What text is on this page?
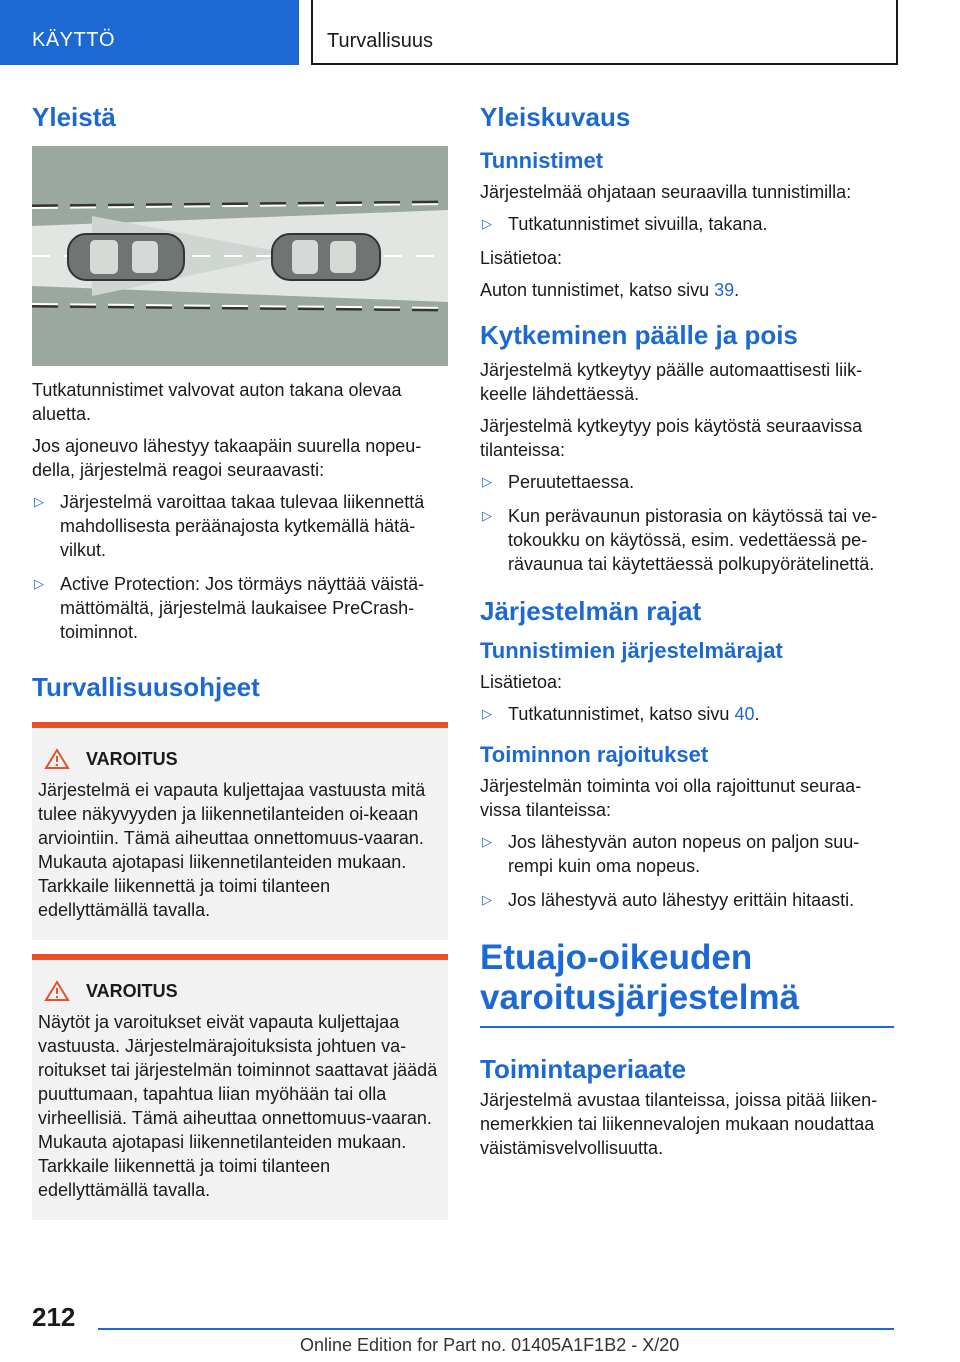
KÄYTTÖ	Turvallisuus
Yleistä

Tutkatunnistimet valvovat auton takana olevaa aluetta.

Jos ajoneuvo lähestyy takaapäin suurella nopeu‐della, järjestelmä reagoi seuraavasti:

▷ Järjestelmä varoittaa takaa tulevaa liikennettä mahdollisesta peräänajosta kytkemällä hätä‐vilkut.
▷ Active Protection: Jos törmäys näyttää väistä‐mättömältä, järjestelmä laukaisee PreCrash-toiminnot.
Turvallisuusohjeet
VAROITUS

Järjestelmä ei vapauta kuljettajaa vastuusta mitä tulee näkyvyyden ja liikennetilanteiden oi‐keaan arviointiin. Tämä aiheuttaa onnettomuus‐vaaran. Mukauta ajotapasi liikennetilanteiden mukaan. Tarkkaile liikennettä ja toimi tilanteen edellyttämällä tavalla.

VAROITUS

Näytöt ja varoitukset eivät vapauta kuljettajaa vastuusta. Järjestelmärajoituksista johtuen va‐roitukset tai järjestelmän toiminnot saattavat jäädä puuttumaan, tapahtua liian myöhään tai olla virheellisiä. Tämä aiheuttaa onnettomuus‐vaaran. Mukauta ajotapasi liikennetilanteiden mukaan. Tarkkaile liikennettä ja toimi tilanteen edellyttämällä tavalla.

Yleiskuvaus
Tunnistimet

Järjestelmää ohjataan seuraavilla tunnistimilla:

▷ Tutkatunnistimet sivuilla, takana.

Lisätietoa:

Auton tunnistimet, katso sivu 39.

Kytkeminen päälle ja pois

Järjestelmä kytkeytyy päälle automaattisesti liik‐keelle lähdettäessä.

Järjestelmä kytkeytyy pois käytöstä seuraavissa tilanteissa:

▷ Peruutettaessa.
▷ Kun perävaunun pistorasia on käytössä tai ve‐tokoukku on käytössä, esim. vedettäessä pe‐rävaunua tai käytettäessä polkupyörätelinettä.
Järjestelmän rajat
Tunnistimien järjestelmärajat

Lisätietoa:

▷ Tutkatunnistimet, katso sivu 40.
Toiminnon rajoitukset

Järjestelmän toiminta voi olla rajoittunut seuraa‐vissa tilanteissa:

▷ Jos lähestyvän auton nopeus on paljon suu‐rempi kuin oma nopeus.
▷ Jos lähestyvä auto lähestyy erittäin hitaasti.
Etuajo-oikeuden
varoitusjärjestelmä
Toimintaperiaate

Järjestelmä avustaa tilanteissa, joissa pitää liiken‐nemerkkien tai liikennevalojen mukaan noudattaa väistämisvelvollisuutta.

212
Online Edition for Part no. 01405A1F1B2 - X/20
